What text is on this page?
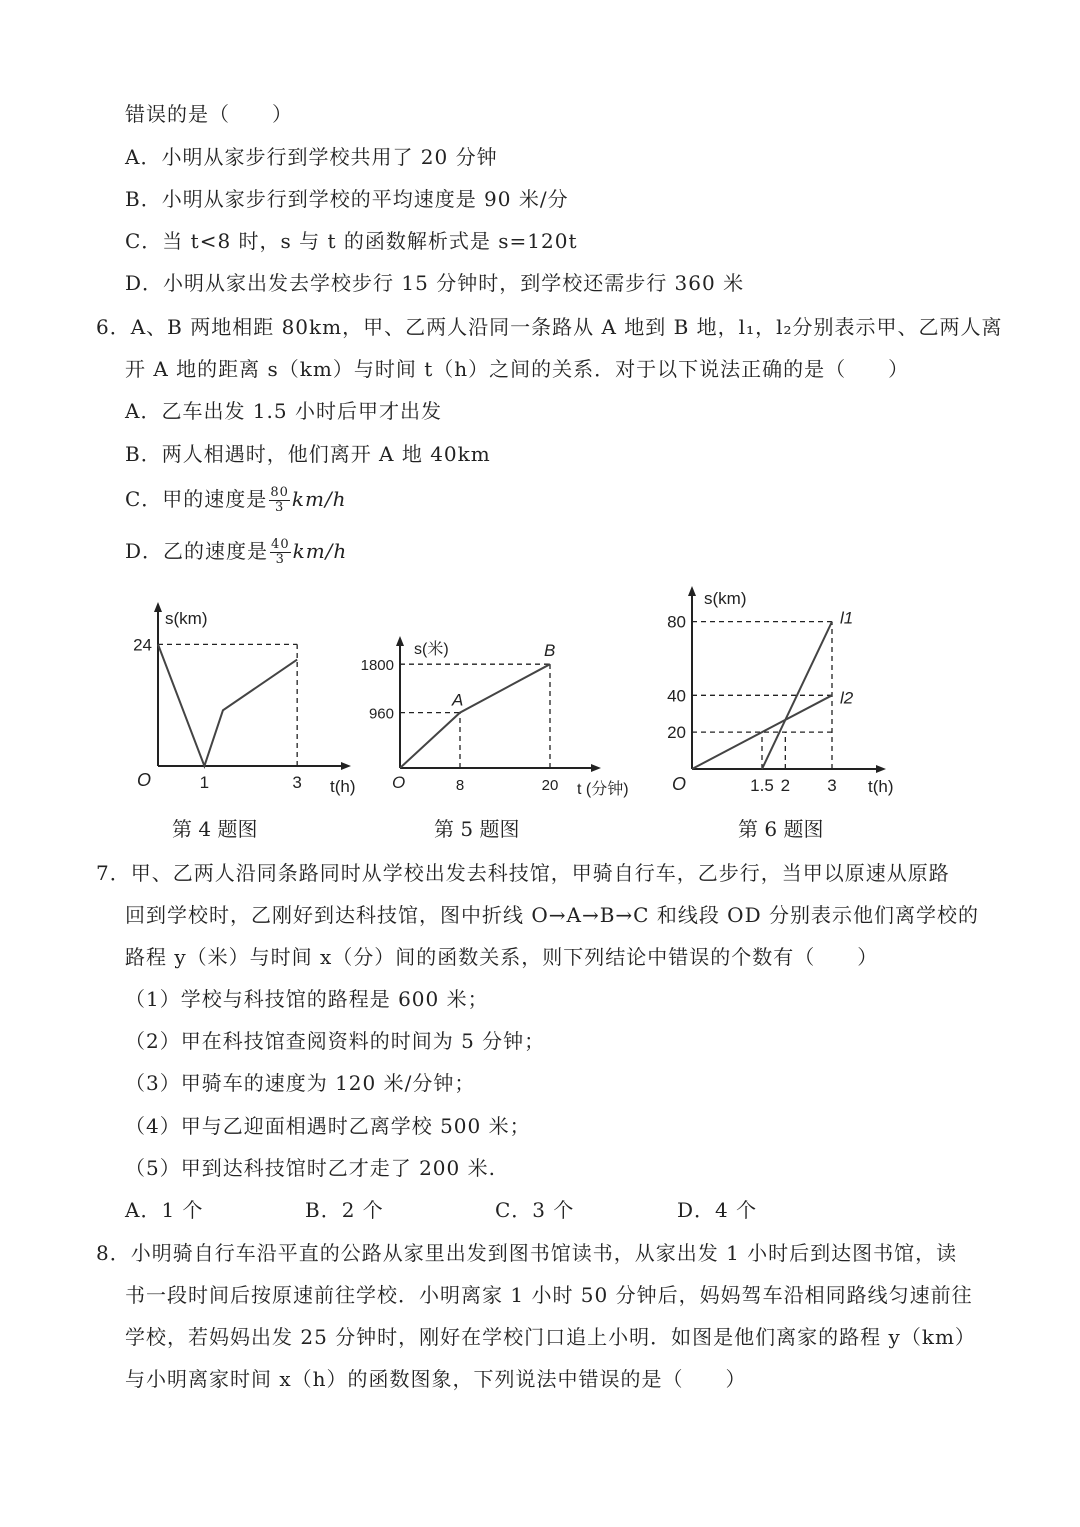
错误的是（　　）
A．小明从家步行到学校共用了 20 分钟
B．小明从家步行到学校的平均速度是 90 米/分
C．当 t<8 时，s 与 t 的函数解析式是 s=120t
D．小明从家出发去学校步行 15 分钟时，到学校还需步行 360 米
6．A、B 两地相距 80km，甲、乙两人沿同一条路从 A 地到 B 地，l₁，l₂分别表示甲、乙两人离
开 A 地的距离 s（km）与时间 t（h）之间的关系．对于以下说法正确的是（　　）
A．乙车出发 1.5 小时后甲才出发
B．两人相遇时，他们离开 A 地 40km
C．甲的速度是 $\frac{80}{3} km/h$
D．乙的速度是 $\frac{40}{3} km/h$
24
1	3
s(km)
t(h)
O
第 4 题图
960
1800
8	20
A
B
s(米)
t (分钟)
O
第 5 题图
20
40
80
1.5 2 3
l1
l2
s(km)
t(h)
O
第 6 题图
7．甲、乙两人沿同条路同时从学校出发去科技馆，甲骑自行车，乙步行，当甲以原速从原路
回到学校时，乙刚好到达科技馆，图中折线 O→A→B→C 和线段 OD 分别表示他们离学校的
路程 y（米）与时间 x（分）间的函数关系，则下列结论中错误的个数有（　　）
（1）学校与科技馆的路程是 600 米；
（2）甲在科技馆查阅资料的时间为 5 分钟；
（3）甲骑车的速度为 120 米/分钟；
（4）甲与乙迎面相遇时乙离学校 500 米；
（5）甲到达科技馆时乙才走了 200 米.
A．1 个	B．2 个	C．3 个	D．4 个
8．小明骑自行车沿平直的公路从家里出发到图书馆读书，从家出发 1 小时后到达图书馆，读
书一段时间后按原速前往学校．小明离家 1 小时 50 分钟后，妈妈驾车沿相同路线匀速前往
学校，若妈妈出发 25 分钟时，刚好在学校门口追上小明．如图是他们离家的路程 y（km）
与小明离家时间 x（h）的函数图象，下列说法中错误的是（　　）
